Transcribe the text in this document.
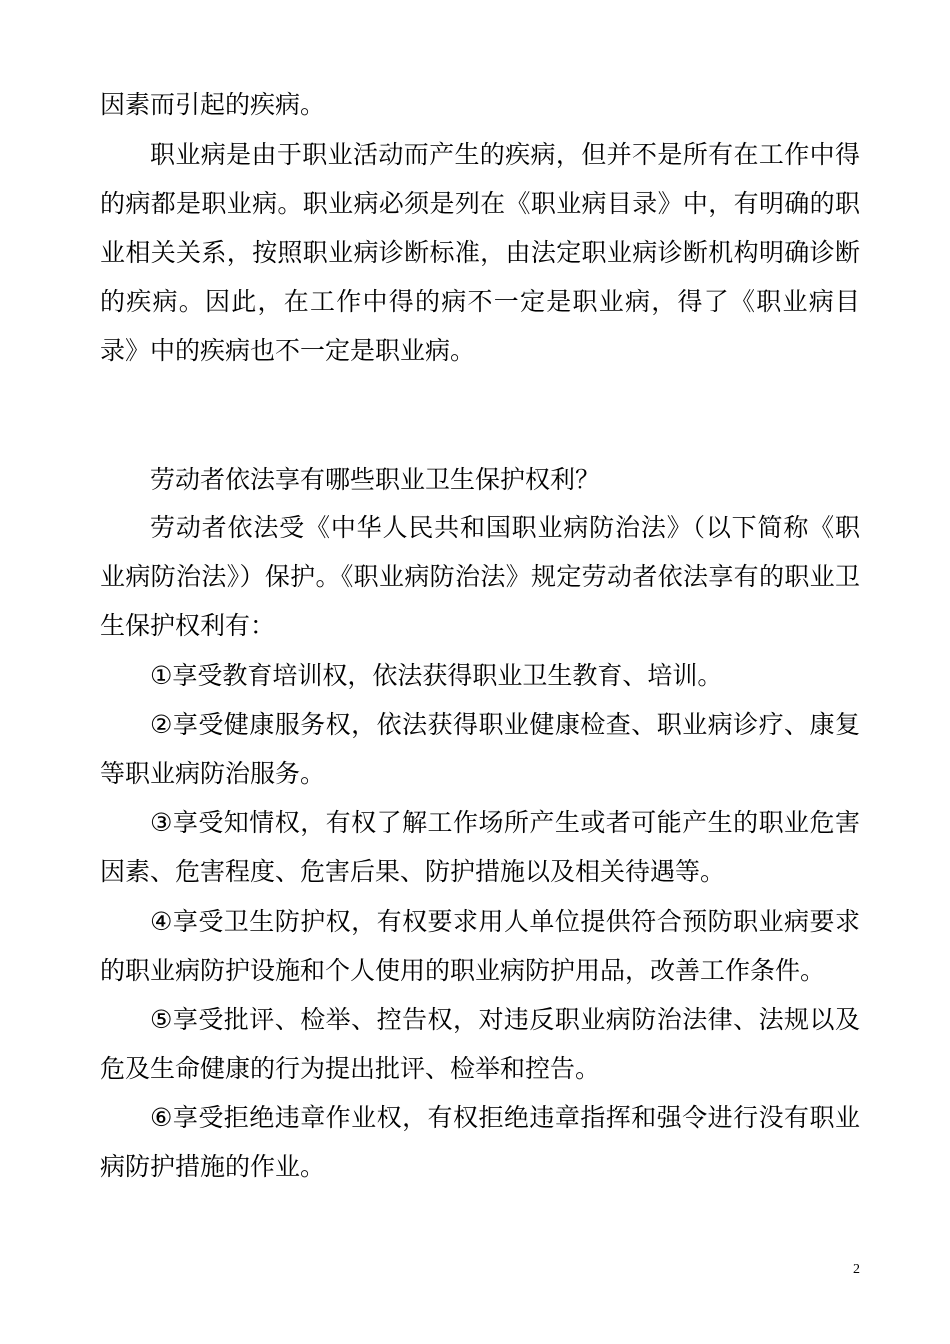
因素而引起的疾病。

职业病是由于职业活动而产生的疾病，但并不是所有在工作中得的病都是职业病。职业病必须是列在《职业病目录》中，有明确的职业相关关系，按照职业病诊断标准，由法定职业病诊断机构明确诊断的疾病。因此，在工作中得的病不一定是职业病，得了《职业病目录》中的疾病也不一定是职业病。

劳动者依法享有哪些职业卫生保护权利？

劳动者依法受《中华人民共和国职业病防治法》（以下简称《职业病防治法》）保护。《职业病防治法》规定劳动者依法享有的职业卫生保护权利有：

①享受教育培训权，依法获得职业卫生教育、培训。

②享受健康服务权，依法获得职业健康检查、职业病诊疗、康复等职业病防治服务。

③享受知情权，有权了解工作场所产生或者可能产生的职业危害因素、危害程度、危害后果、防护措施以及相关待遇等。

④享受卫生防护权，有权要求用人单位提供符合预防职业病要求的职业病防护设施和个人使用的职业病防护用品，改善工作条件。

⑤享受批评、检举、控告权，对违反职业病防治法律、法规以及危及生命健康的行为提出批评、检举和控告。

⑥享受拒绝违章作业权，有权拒绝违章指挥和强令进行没有职业病防护措施的作业。

2
